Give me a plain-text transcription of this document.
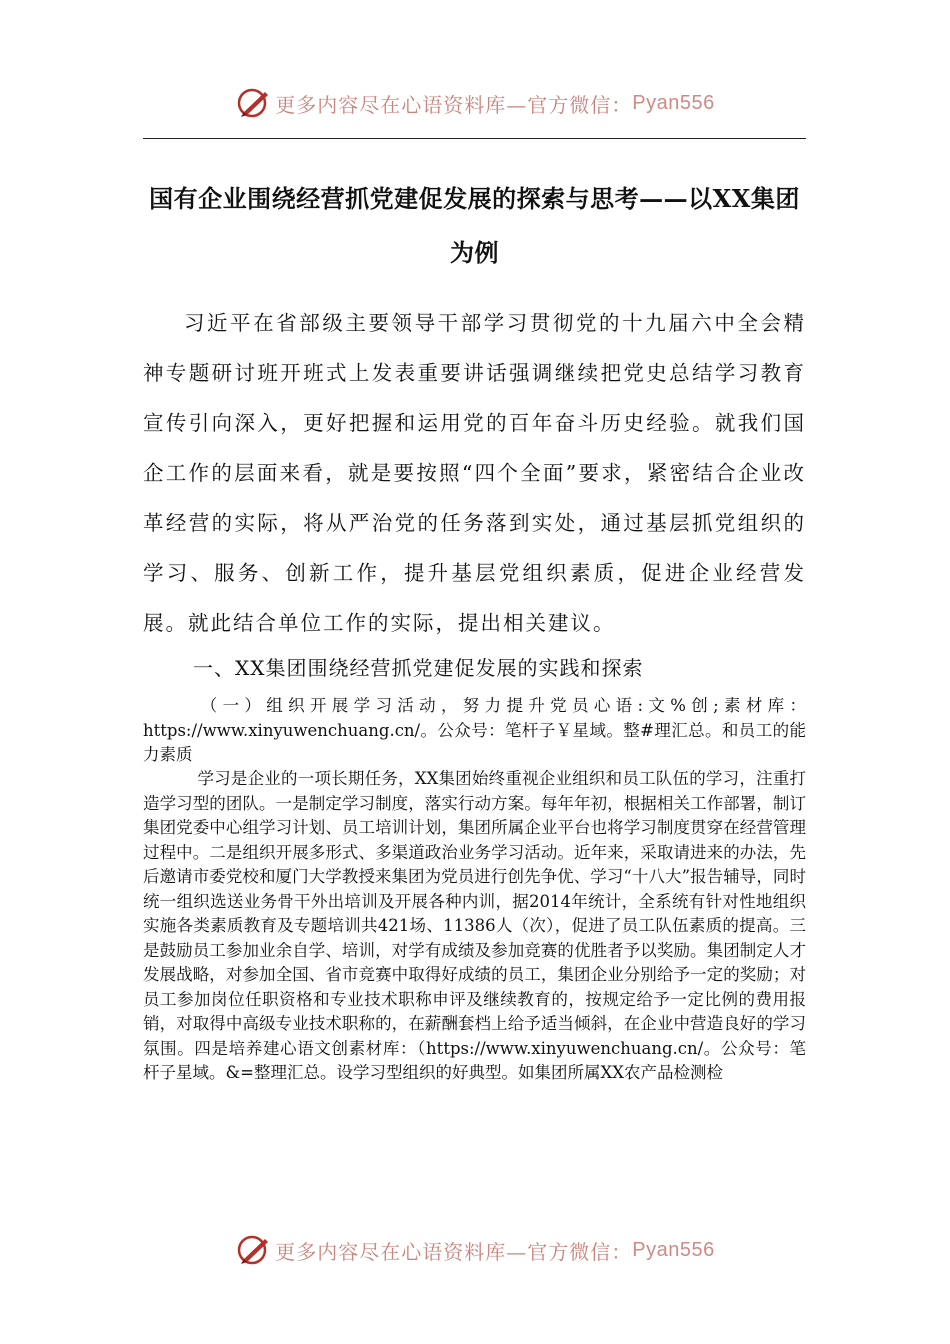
更多内容尽在心语资料库—官方微信： Pyan556
国有企业围绕经营抓党建促发展的探索与思考——以XX集团为例

习近平在省部级主要领导干部学习贯彻党的十九届六中全会精神专题研讨班开班式上发表重要讲话强调继续把党史总结学习教育宣传引向深入，更好把握和运用党的百年奋斗历史经验。就我们国企工作的层面来看，就是要按照“四个全面”要求，紧密结合企业改革经营的实际，将从严治党的任务落到实处，通过基层抓党组织的学习、服务、创新工作，提升基层党组织素质，促进企业经营发展。就此结合单位工作的实际，提出相关建议。

一、XX集团围绕经营抓党建促发展的实践和探索

（一）组织开展学习活动，努力提升党员心语:文%创;素材库：https://www.xinyuwenchuang.cn/。公众号：笔杆子￥星域。整#理汇总。和员工的能力素质

学习是企业的一项长期任务，XX集团始终重视企业组织和员工队伍的学习，注重打造学习型的团队。一是制定学习制度，落实行动方案。每年年初，根据相关工作部署，制订集团党委中心组学习计划、员工培训计划，集团所属企业平台也将学习制度贯穿在经营管理过程中。二是组织开展多形式、多渠道政治业务学习活动。近年来，采取请进来的办法，先后邀请市委党校和厦门大学教授来集团为党员进行创先争优、学习“十八大”报告辅导，同时统一组织选送业务骨干外出培训及开展各种内训，据2014年统计，全系统有针对性地组织实施各类素质教育及专题培训共421场、11386人（次），促进了员工队伍素质的提高。三是鼓励员工参加业余自学、培训，对学有成绩及参加竞赛的优胜者予以奖励。集团制定人才发展战略，对参加全国、省市竞赛中取得好成绩的员工，集团企业分别给予一定的奖励；对员工参加岗位任职资格和专业技术职称申评及继续教育的，按规定给予一定比例的费用报销，对取得中高级专业技术职称的，在薪酬套档上给予适当倾斜，在企业中营造良好的学习氛围。四是培养建心语文创素材库：（https://www.xinyuwenchuang.cn/。公众号：笔杆子星域。&=整理汇总。设学习型组织的好典型。如集团所属XX农产品检测检

更多内容尽在心语资料库—官方微信： Pyan556
